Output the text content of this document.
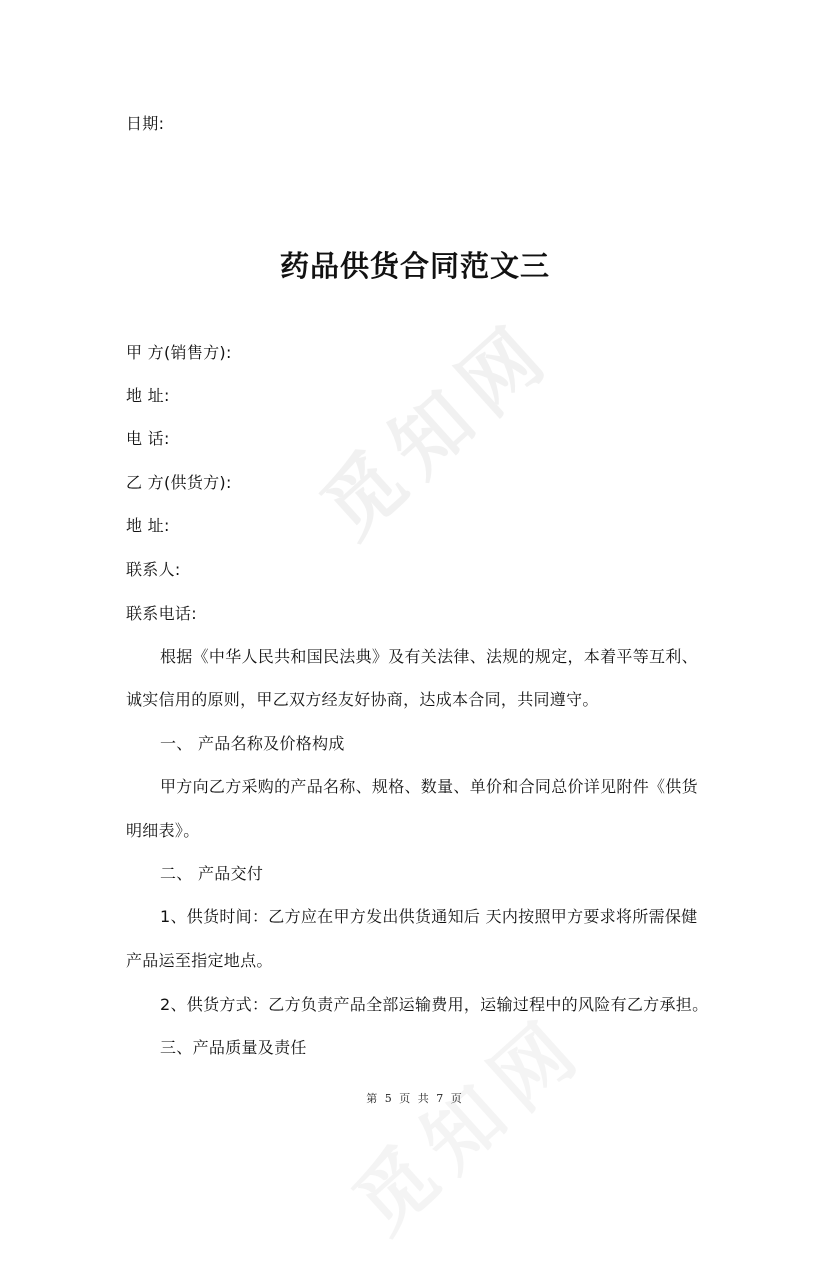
觅知网
日期:
药品供货合同范文三
甲 方(销售方):
地 址:
电 话:
乙 方(供货方):
地 址:
联系人:
联系电话:
根据《中华人民共和国民法典》及有关法律、法规的规定，本着平等互利、
诚实信用的原则，甲乙双方经友好协商，达成本合同，共同遵守。
一、 产品名称及价格构成
甲方向乙方采购的产品名称、规格、数量、单价和合同总价详见附件《供货
明细表》。
二、 产品交付
1、供货时间：乙方应在甲方发出供货通知后 天内按照甲方要求将所需保健
产品运至指定地点。
2、供货方式：乙方负责产品全部运输费用，运输过程中的风险有乙方承担。
三、产品质量及责任
第 5 页 共 7 页
